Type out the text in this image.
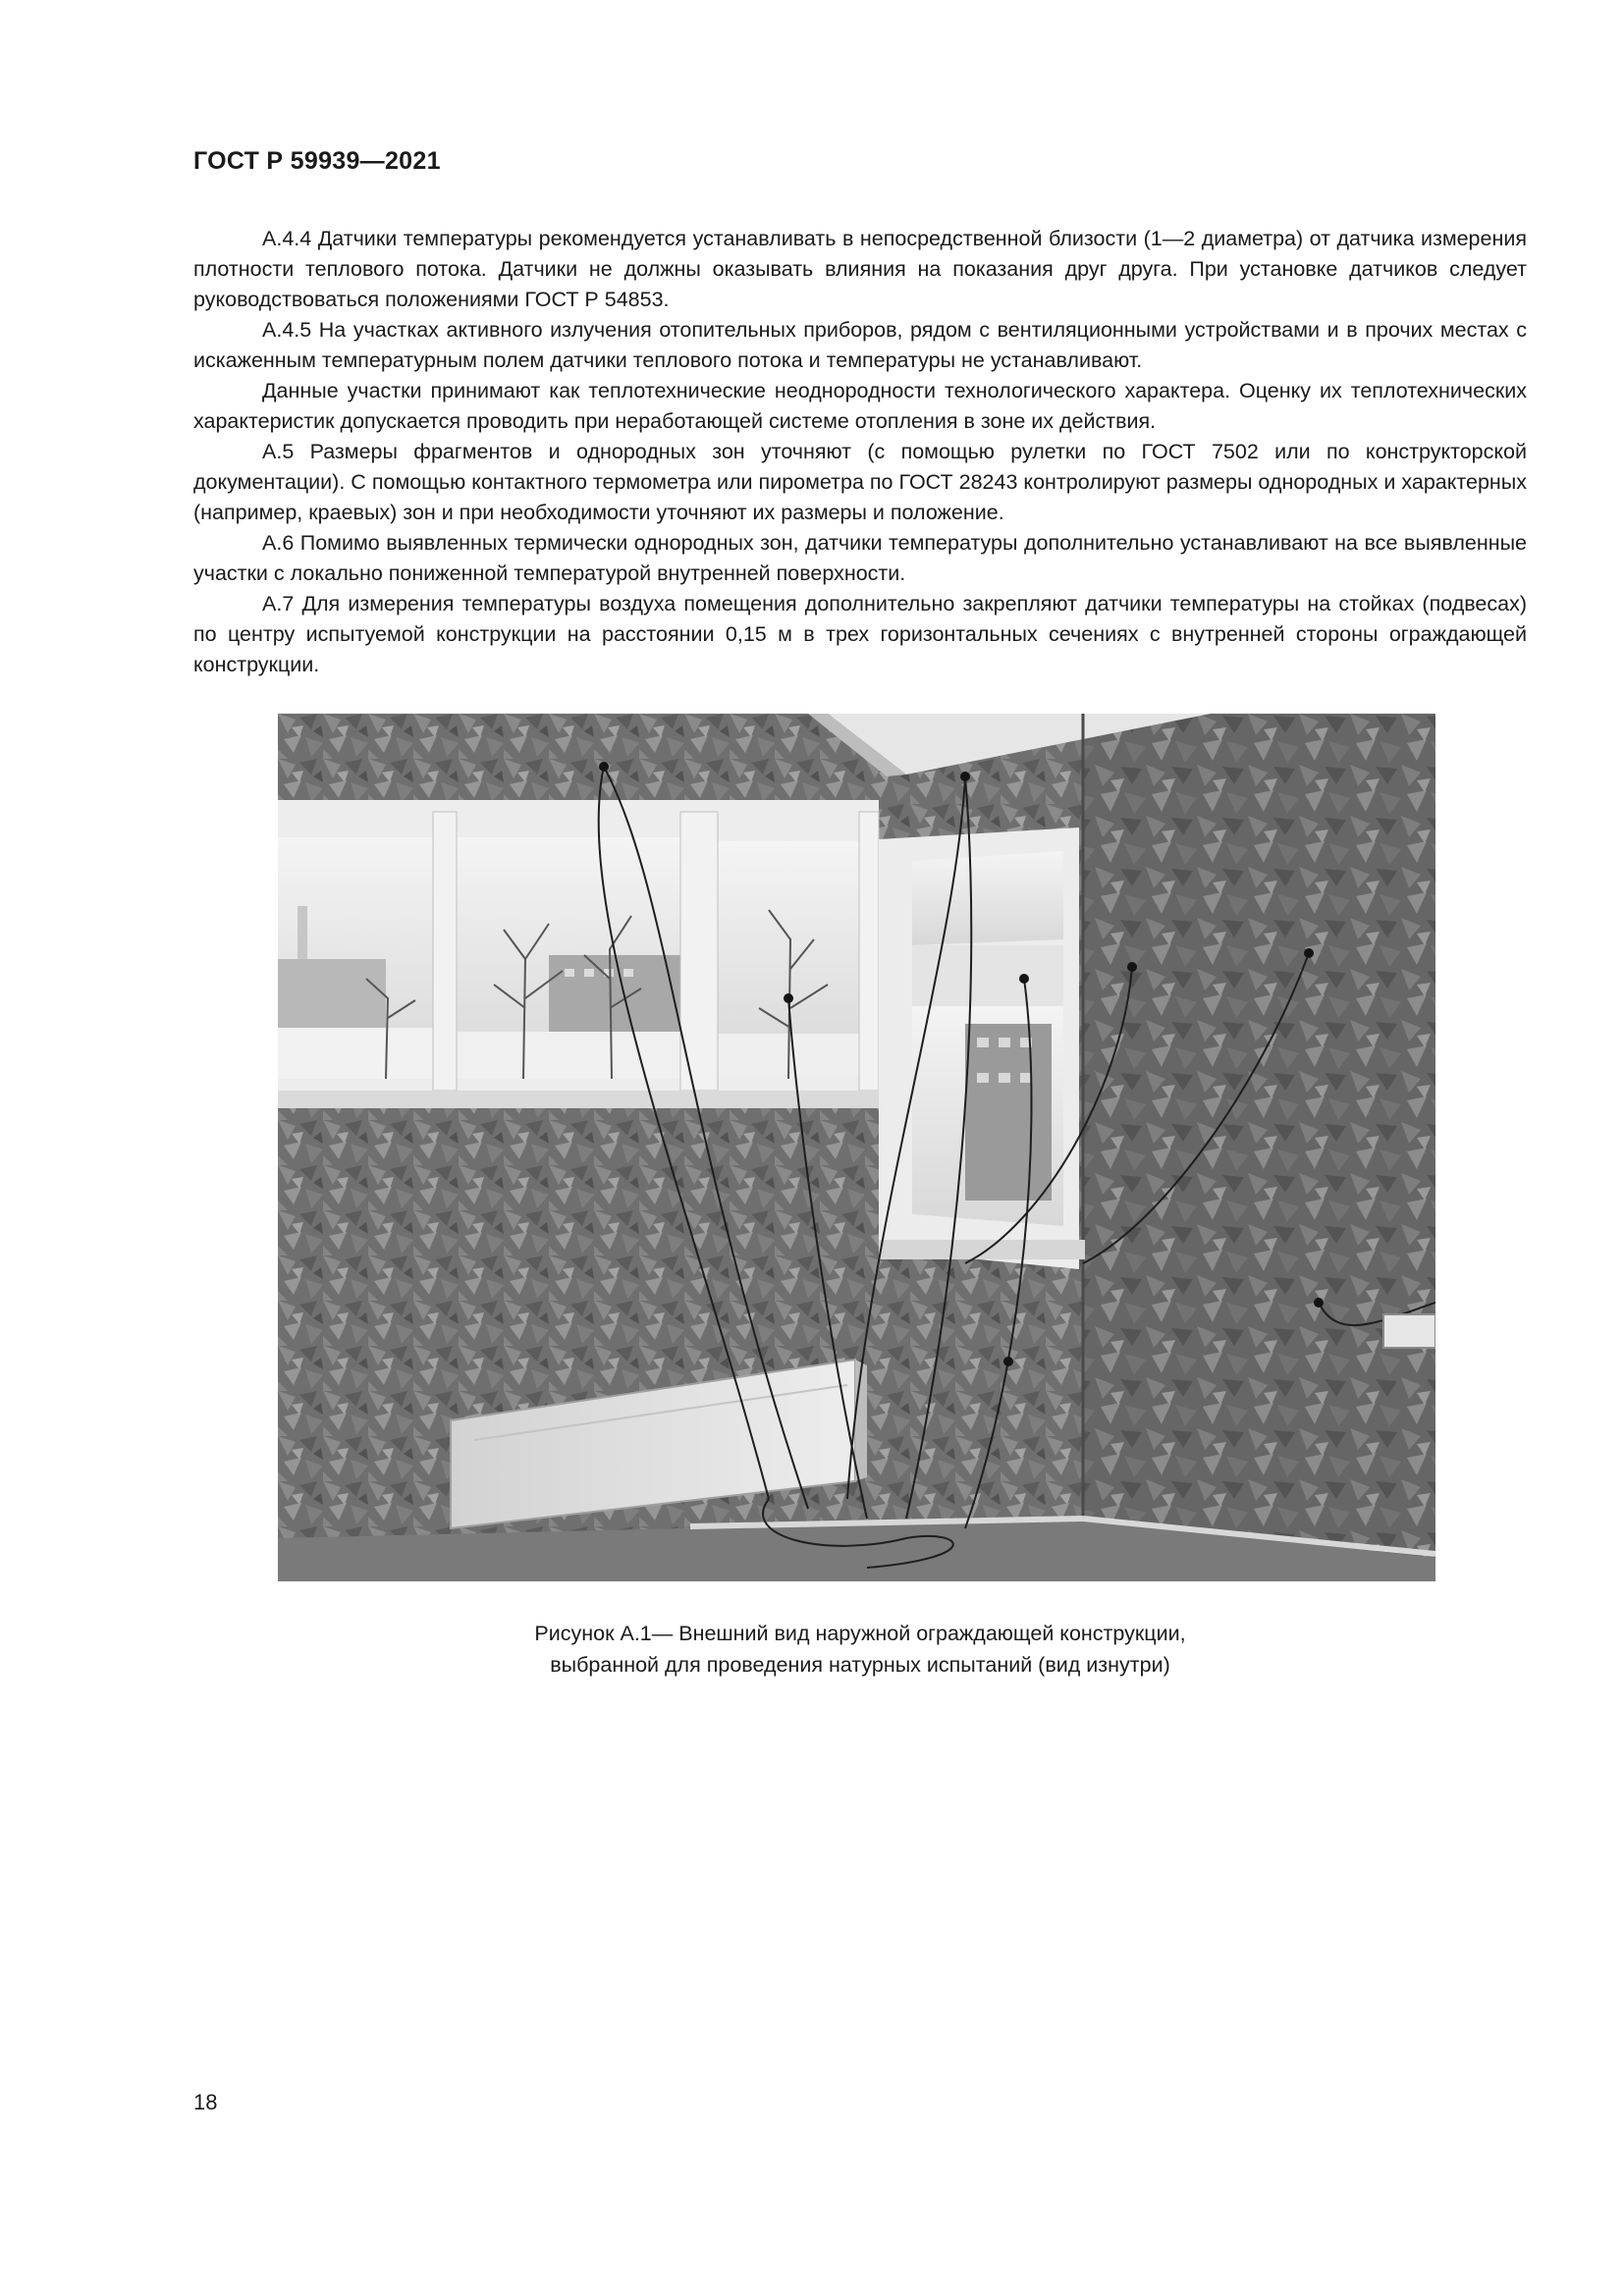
ГОСТ Р 59939—2021

А.4.4 Датчики температуры рекомендуется устанавливать в непосредственной близости (1—2 диаметра) от датчика измерения плотности теплового потока. Датчики не должны оказывать влияния на показания друг друга. При установке датчиков следует руководствоваться положениями ГОСТ Р 54853.

А.4.5 На участках активного излучения отопительных приборов, рядом с вентиляционными устройствами и в прочих местах с искаженным температурным полем датчики теплового потока и температуры не устанавливают.

Данные участки принимают как теплотехнические неоднородности технологического характера. Оценку их теплотехнических характеристик допускается проводить при неработающей системе отопления в зоне их действия.

А.5 Размеры фрагментов и однородных зон уточняют (с помощью рулетки по ГОСТ 7502 или по конструкторской документации). С помощью контактного термометра или пирометра по ГОСТ 28243 контролируют размеры однородных и характерных (например, краевых) зон и при необходимости уточняют их размеры и положение.

А.6 Помимо выявленных термически однородных зон, датчики температуры дополнительно устанавливают на все выявленные участки с локально пониженной температурой внутренней поверхности.

А.7 Для измерения температуры воздуха помещения дополнительно закрепляют датчики температуры на стойках (подвесах) по центру испытуемой конструкции на расстоянии 0,15 м в трех горизонтальных сечениях с внутренней стороны ограждающей конструкции.

Рисунок А.1— Внешний вид наружной ограждающей конструкции,
выбранной для проведения натурных испытаний (вид изнутри)
18
